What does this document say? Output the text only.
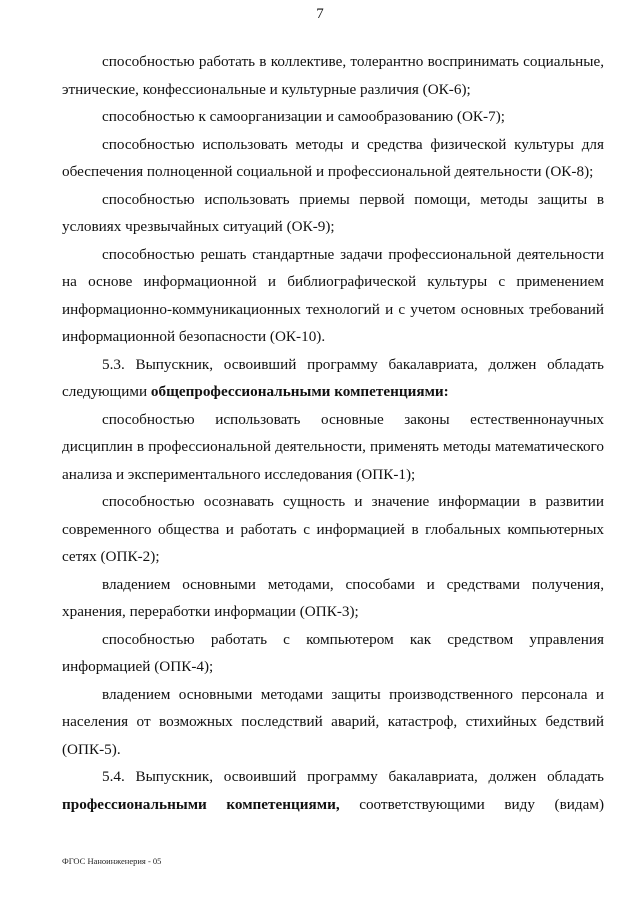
7

способностью работать в коллективе, толерантно воспринимать социальные, этнические, конфессиональные и культурные различия (ОК-6);

способностью к самоорганизации и самообразованию (ОК-7);

способностью использовать методы и средства физической культуры для обеспечения полноценной социальной и профессиональной деятельности (ОК-8);

способностью использовать приемы первой помощи, методы защиты в условиях чрезвычайных ситуаций (ОК-9);

способностью решать стандартные задачи профессиональной деятельности на основе информационной и библиографической культуры с применением информационно-коммуникационных технологий и с учетом основных требований информационной безопасности (ОК-10).

5.3. Выпускник, освоивший программу бакалавриата, должен обладать следующими общепрофессиональными компетенциями:

способностью использовать основные законы естественнонаучных дисциплин в профессиональной деятельности, применять методы математического анализа и экспериментального исследования (ОПК-1);

способностью осознавать сущность и значение информации в развитии современного общества и работать с информацией в глобальных компьютерных сетях (ОПК-2);

владением основными методами, способами и средствами получения, хранения, переработки информации (ОПК-3);

способностью работать с компьютером как средством управления информацией (ОПК-4);

владением основными методами защиты производственного персонала и населения от возможных последствий аварий, катастроф, стихийных бедствий (ОПК-5).

5.4. Выпускник, освоивший программу бакалавриата, должен обладать профессиональными компетенциями, соответствующими виду (видам)

ФГОС Наноинженерия - 05
